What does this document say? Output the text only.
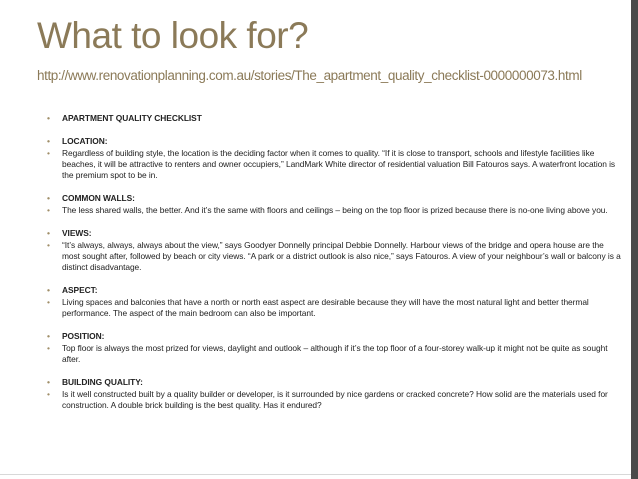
What to look for?
http://www.renovationplanning.com.au/stories/The_apartment_quality_checklist-0000000073.html
• APARTMENT QUALITY CHECKLIST
• LOCATION:
• Regardless of building style, the location is the deciding factor when it comes to quality. “If it is close to transport, schools and lifestyle facilities like beaches, it will be attractive to renters and owner occupiers,” LandMark White director of residential valuation Bill Fatouros says. A waterfront location is the premium spot to be in.
• COMMON WALLS:
• The less shared walls, the better. And it’s the same with floors and ceilings – being on the top floor is prized because there is no-one living above you.
• VIEWS:
• “It’s always, always, always about the view,” says Goodyer Donnelly principal Debbie Donnelly. Harbour views of the bridge and opera house are the most sought after, followed by beach or city views. “A park or a district outlook is also nice,” says Fatouros. A view of your neighbour’s wall or balcony is a distinct disadvantage.
• ASPECT:
• Living spaces and balconies that have a north or north east aspect are desirable because they will have the most natural light and better thermal performance. The aspect of the main bedroom can also be important.
• POSITION:
• Top floor is always the most prized for views, daylight and outlook – although if it’s the top floor of a four-storey walk-up it might not be quite as sought after.
• BUILDING QUALITY:
• Is it well constructed built by a quality builder or developer, is it surrounded by nice gardens or cracked concrete? How solid are the materials used for construction. A double brick building is the best quality. Has it endured?
